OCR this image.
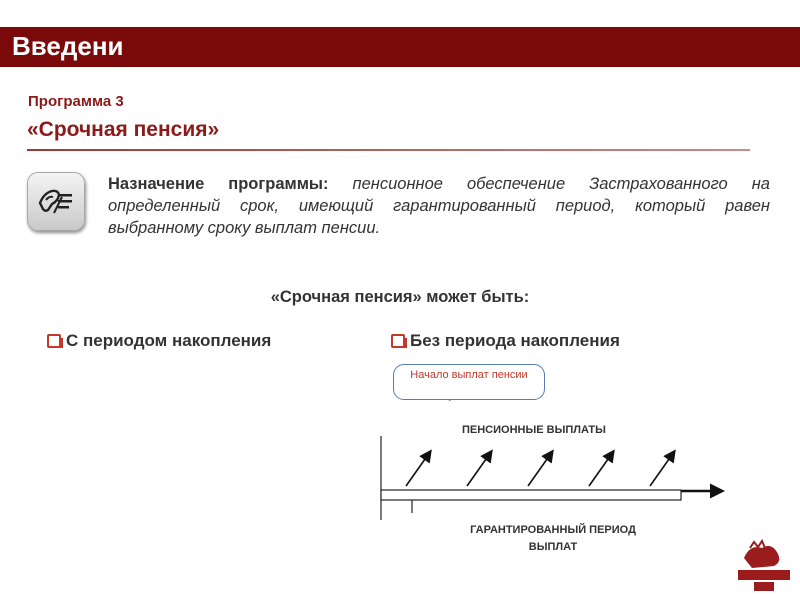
Введени
Программа 3
«Срочная пенсия»
Назначение программы: пенсионное обеспечение Застрахованного на определенный срок, имеющий гарантированный период, который равен выбранному сроку выплат пенсии.
«Срочная пенсия» может быть:
С периодом накопления	Без периода накопления
Начало выплат пенсии
ПЕНСИОННЫЕ ВЫПЛАТЫ
ГАРАНТИРОВАННЫЙ ПЕРИОД ВЫПЛАТ
